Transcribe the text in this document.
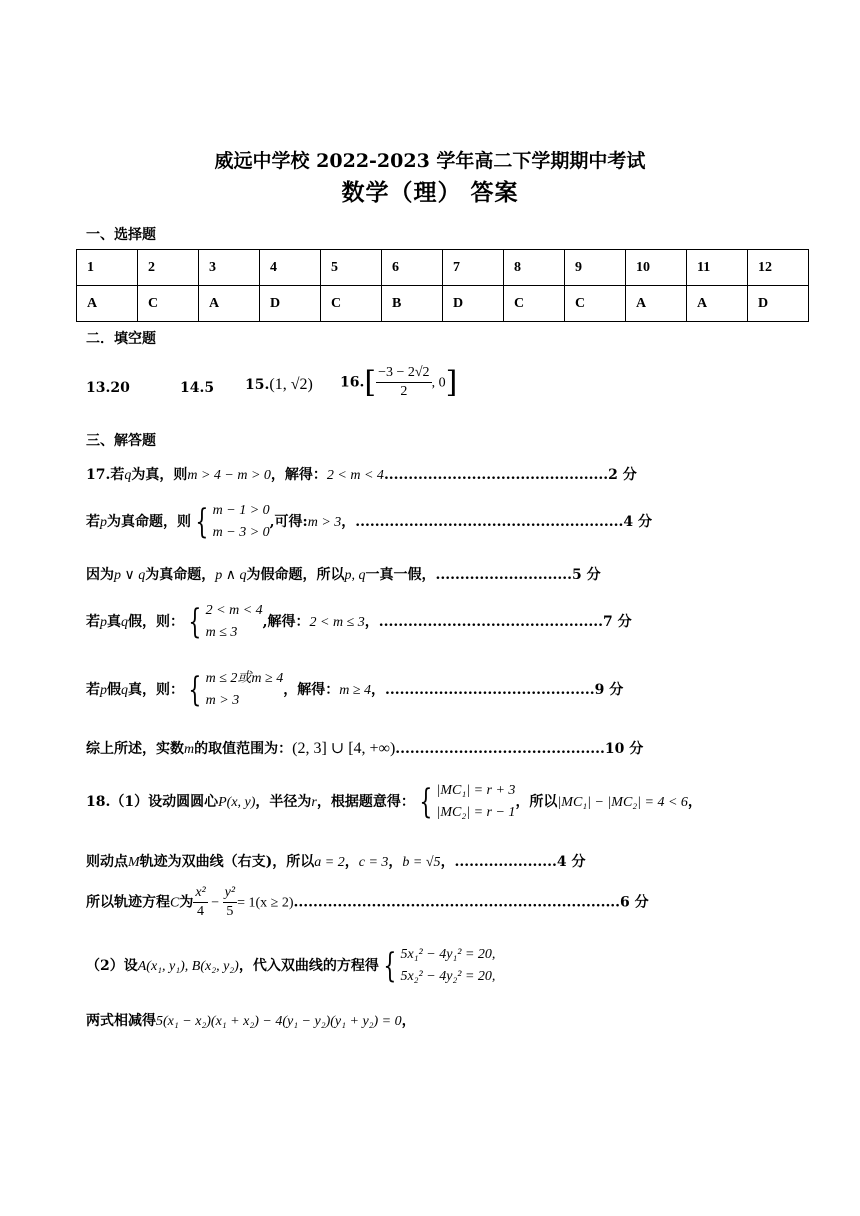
威远中学校 2022-2023 学年高二下学期期中考试
数学（理） 答案
一、选择题
1	2	3	4	5	6	7	8	9	10	11	12
A	C	A	D	C	B	D	C	C	A	A	D
二．填空题
13.20	14.5 15.(1, √2) $16.[ \frac{-3 - 2√2}{2}$ , 0]
三、解答题
17.若q为真，则m > 4 − m > 0，解得：2 < m < 4..............................................2 分
若p为真命题，则 { m − 1 > 0
m − 3 > 0
,可得:m > 3，.......................................................4 分
因为p ∨ q为真命题，p ∧ q为假命题，所以p, q一真一假，............................5 分
若p真q假，则： { 2 < m < 4
m ≤ 3
,解得：2 < m ≤ 3，..............................................7 分
若p假q真，则： { m ≤ 2或m ≥ 4
m > 3
，解得：m ≥ 4，...........................................9 分
综上所述，实数m的取值范围为：(2, 3] ∪ [4, +∞)...........................................10 分
18.（1）设动圆圆心P(x, y)，半径为r，根据题意得： { |MC₁| = r + 3
|MC₂| = r − 1
，所以|MC₁| − |MC₂| = 4 < 6，
则动点M轨迹为双曲线（右支)，所以a = 2，c = 3，b = √5，.....................4 分
所以轨迹方程C为 $\frac{\text{x²}}{4} - \frac{\text{y²}}{5} = 1(x \ge 2)...................................................................6$ 分
（2）设A(x₁, y₁), B(x₂, y₂)，代入双曲线的方程得 { 5x₁² − 4y₁² = 20,
5x₂² − 4y₂² = 20,
两式相减得5(x₁ − x₂)(x₁ + x₂) − 4(y₁ − y₂)(y₁ + y₂) = 0，
